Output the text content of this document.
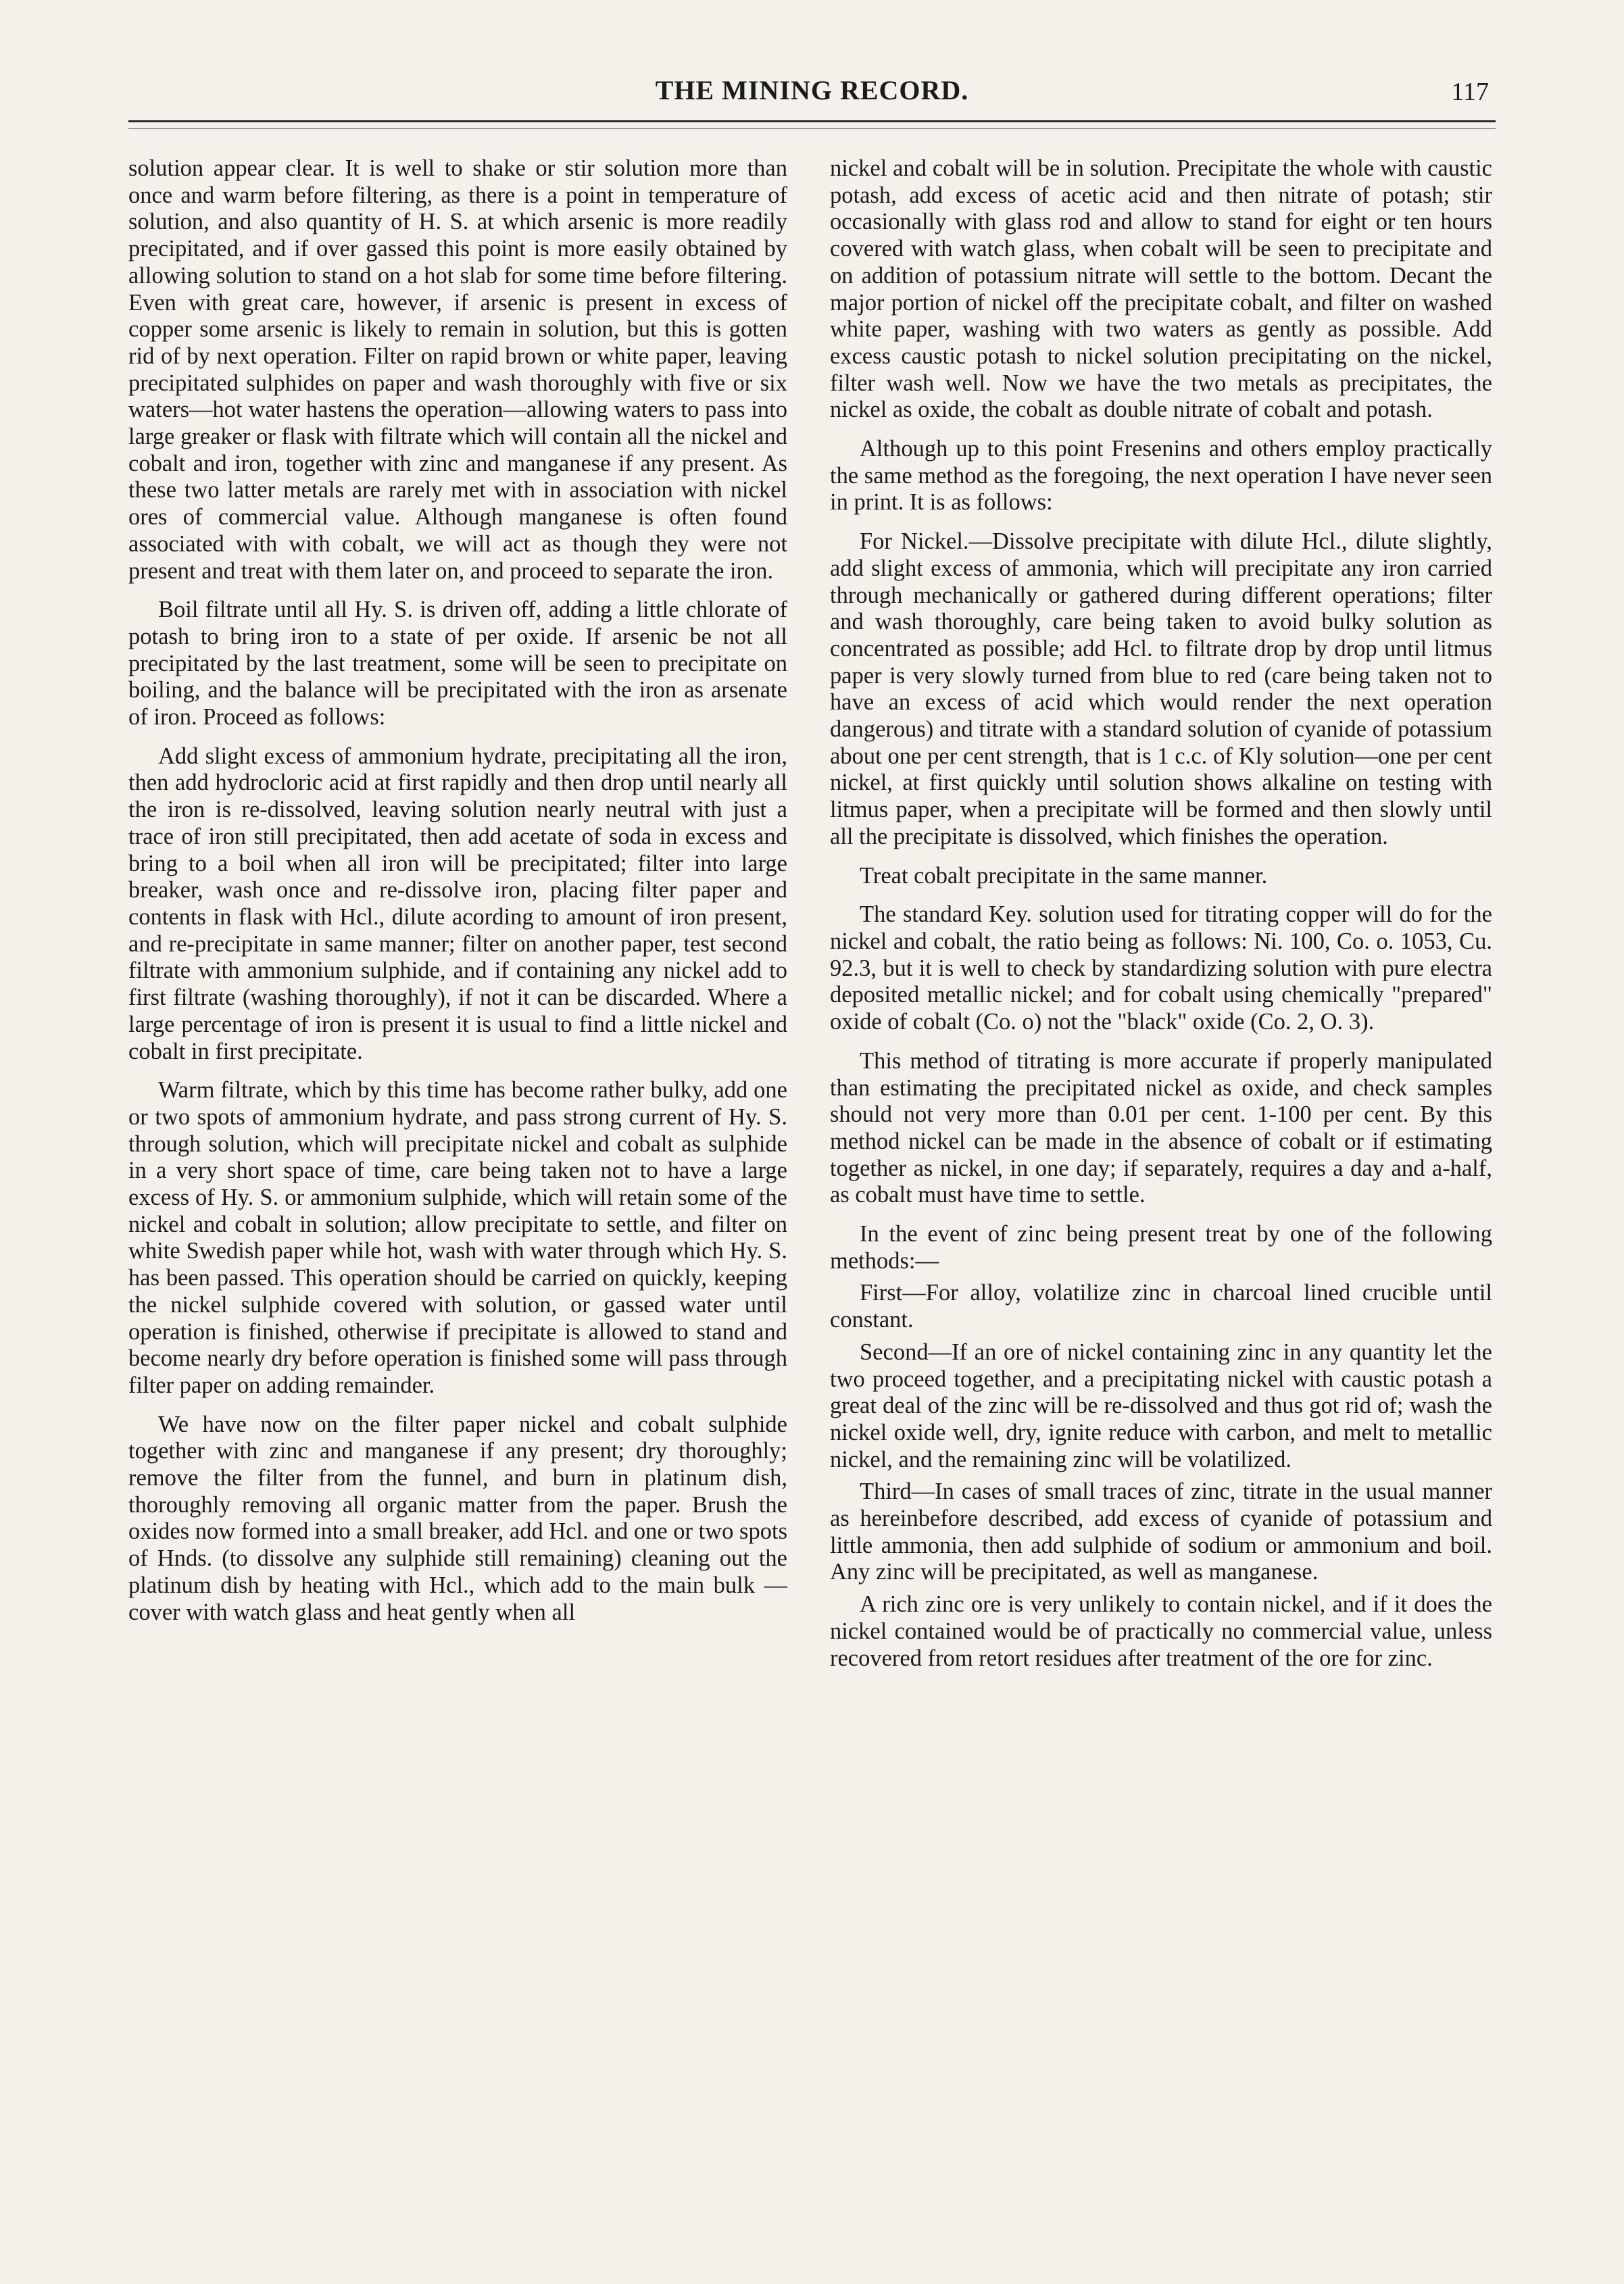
THE MINING RECORD.	117

solution appear clear. It is well to shake or stir solution more than once and warm before filtering, as there is a point in temperature of solution, and also quantity of H. S. at which arsenic is more readily precipitated, and if over gassed this point is more easily obtained by allowing solution to stand on a hot slab for some time before filtering. Even with great care, however, if arsenic is present in excess of copper some arsenic is likely to remain in solution, but this is gotten rid of by next operation. Filter on rapid brown or white paper, leaving precipitated sulphides on paper and wash thoroughly with five or six waters—hot water hastens the operation—allowing waters to pass into large greaker or flask with filtrate which will contain all the nickel and cobalt and iron, together with zinc and manganese if any present. As these two latter metals are rarely met with in association with nickel ores of commercial value. Although manganese is often found associated with with cobalt, we will act as though they were not present and treat with them later on, and proceed to separate the iron.

Boil filtrate until all Hy. S. is driven off, adding a little chlorate of potash to bring iron to a state of per oxide. If arsenic be not all precipitated by the last treatment, some will be seen to precipitate on boiling, and the balance will be precipitated with the iron as arsenate of iron. Proceed as follows:

Add slight excess of ammonium hydrate, precipitating all the iron, then add hydrocloric acid at first rapidly and then drop until nearly all the iron is re-dissolved, leaving solution nearly neutral with just a trace of iron still precipitated, then add acetate of soda in excess and bring to a boil when all iron will be precipitated; filter into large breaker, wash once and re-dissolve iron, placing filter paper and contents in flask with Hcl., dilute acording to amount of iron present, and re-precipitate in same manner; filter on another paper, test second filtrate with ammonium sulphide, and if containing any nickel add to first filtrate (washing thoroughly), if not it can be discarded. Where a large percentage of iron is present it is usual to find a little nickel and cobalt in first precipitate.

Warm filtrate, which by this time has become rather bulky, add one or two spots of ammonium hydrate, and pass strong current of Hy. S. through solution, which will precipitate nickel and cobalt as sulphide in a very short space of time, care being taken not to have a large excess of Hy. S. or ammonium sulphide, which will retain some of the nickel and cobalt in solution; allow precipitate to settle, and filter on white Swedish paper while hot, wash with water through which Hy. S. has been passed. This operation should be carried on quickly, keeping the nickel sulphide covered with solution, or gassed water until operation is finished, otherwise if precipitate is allowed to stand and become nearly dry before operation is finished some will pass through filter paper on adding remainder.

We have now on the filter paper nickel and cobalt sulphide together with zinc and manganese if any present; dry thoroughly; remove the filter from the funnel, and burn in platinum dish, thoroughly removing all organic matter from the paper. Brush the oxides now formed into a small breaker, add Hcl. and one or two spots of Hnds. (to dissolve any sulphide still remaining) cleaning out the platinum dish by heating with Hcl., which add to the main bulk —cover with watch glass and heat gently when all

nickel and cobalt will be in solution. Precipitate the whole with caustic potash, add excess of acetic acid and then nitrate of potash; stir occasionally with glass rod and allow to stand for eight or ten hours covered with watch glass, when cobalt will be seen to precipitate and on addition of potassium nitrate will settle to the bottom. Decant the major portion of nickel off the precipitate cobalt, and filter on washed white paper, washing with two waters as gently as possible. Add excess caustic potash to nickel solution precipitating on the nickel, filter wash well. Now we have the two metals as precipitates, the nickel as oxide, the cobalt as double nitrate of cobalt and potash.

Although up to this point Fresenins and others employ practically the same method as the foregoing, the next operation I have never seen in print. It is as follows:

For Nickel.—Dissolve precipitate with dilute Hcl., dilute slightly, add slight excess of ammonia, which will precipitate any iron carried through mechanically or gathered during different operations; filter and wash thoroughly, care being taken to avoid bulky solution as concentrated as possible; add Hcl. to filtrate drop by drop until litmus paper is very slowly turned from blue to red (care being taken not to have an excess of acid which would render the next operation dangerous) and titrate with a standard solution of cyanide of potassium about one per cent strength, that is 1 c.c. of Kly solution—one per cent nickel, at first quickly until solution shows alkaline on testing with litmus paper, when a precipitate will be formed and then slowly until all the precipitate is dissolved, which finishes the operation.

Treat cobalt precipitate in the same manner.

The standard Key. solution used for titrating copper will do for the nickel and cobalt, the ratio being as follows: Ni. 100, Co. o. 1053, Cu. 92.3, but it is well to check by standardizing solution with pure electra deposited metallic nickel; and for cobalt using chemically "prepared" oxide of cobalt (Co. o) not the "black" oxide (Co. 2, O. 3).

This method of titrating is more accurate if properly manipulated than estimating the precipitated nickel as oxide, and check samples should not very more than 0.01 per cent. 1-100 per cent. By this method nickel can be made in the absence of cobalt or if estimating together as nickel, in one day; if separately, requires a day and a-half, as cobalt must have time to settle.

In the event of zinc being present treat by one of the following methods:—

First—For alloy, volatilize zinc in charcoal lined crucible until constant.

Second—If an ore of nickel containing zinc in any quantity let the two proceed together, and a precipitating nickel with caustic potash a great deal of the zinc will be re-dissolved and thus got rid of; wash the nickel oxide well, dry, ignite reduce with carbon, and melt to metallic nickel, and the remaining zinc will be volatilized.

Third—In cases of small traces of zinc, titrate in the usual manner as hereinbefore described, add excess of cyanide of potassium and little ammonia, then add sulphide of sodium or ammonium and boil. Any zinc will be precipitated, as well as manganese.

A rich zinc ore is very unlikely to contain nickel, and if it does the nickel contained would be of practically no commercial value, unless recovered from retort residues after treatment of the ore for zinc.
